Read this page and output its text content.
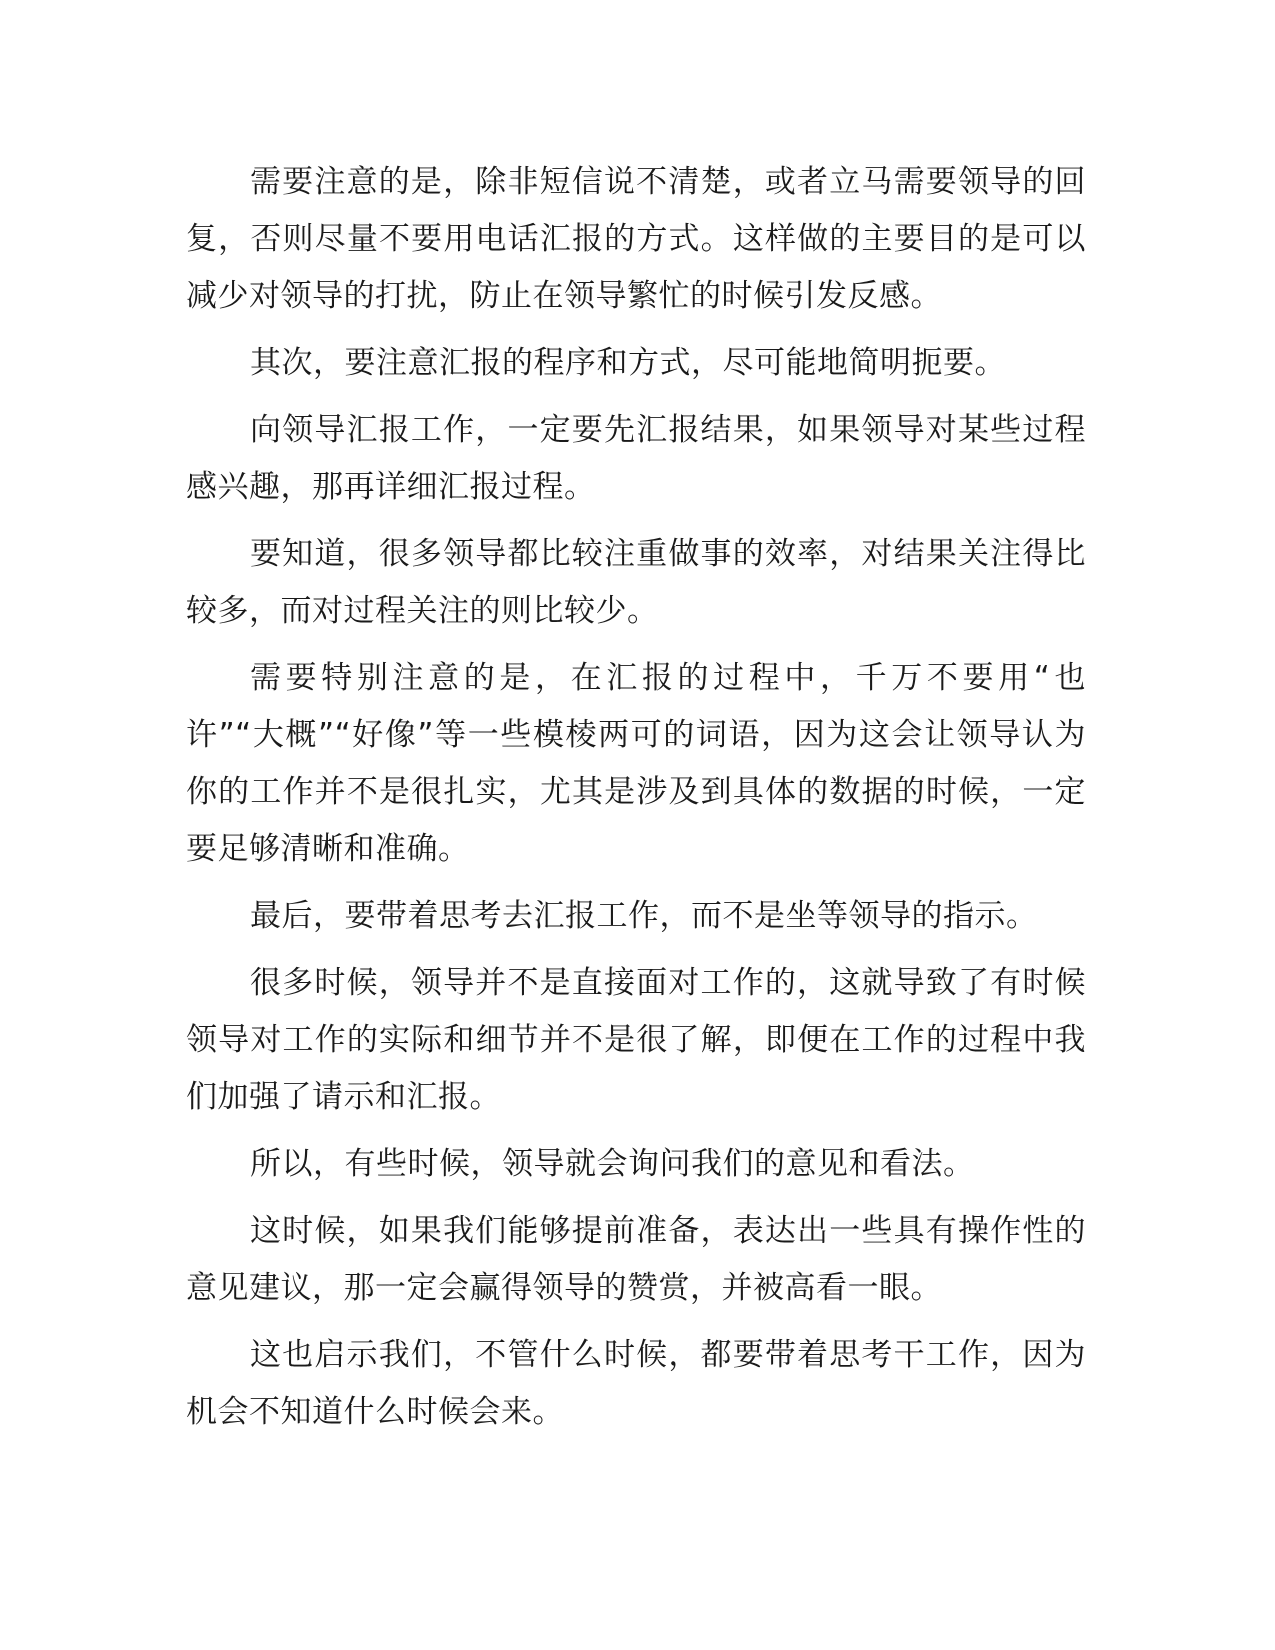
需要注意的是，除非短信说不清楚，或者立马需要领导的回复，否则尽量不要用电话汇报的方式。这样做的主要目的是可以减少对领导的打扰，防止在领导繁忙的时候引发反感。

其次，要注意汇报的程序和方式，尽可能地简明扼要。

向领导汇报工作，一定要先汇报结果，如果领导对某些过程感兴趣，那再详细汇报过程。

要知道，很多领导都比较注重做事的效率，对结果关注得比较多，而对过程关注的则比较少。

需要特别注意的是，在汇报的过程中，千万不要用“也许”“大概”“好像”等一些模棱两可的词语，因为这会让领导认为你的工作并不是很扎实，尤其是涉及到具体的数据的时候，一定要足够清晰和准确。

最后，要带着思考去汇报工作，而不是坐等领导的指示。

很多时候，领导并不是直接面对工作的，这就导致了有时候领导对工作的实际和细节并不是很了解，即便在工作的过程中我们加强了请示和汇报。

所以，有些时候，领导就会询问我们的意见和看法。

这时候，如果我们能够提前准备，表达出一些具有操作性的意见建议，那一定会赢得领导的赞赏，并被高看一眼。

这也启示我们，不管什么时候，都要带着思考干工作，因为机会不知道什么时候会来。
